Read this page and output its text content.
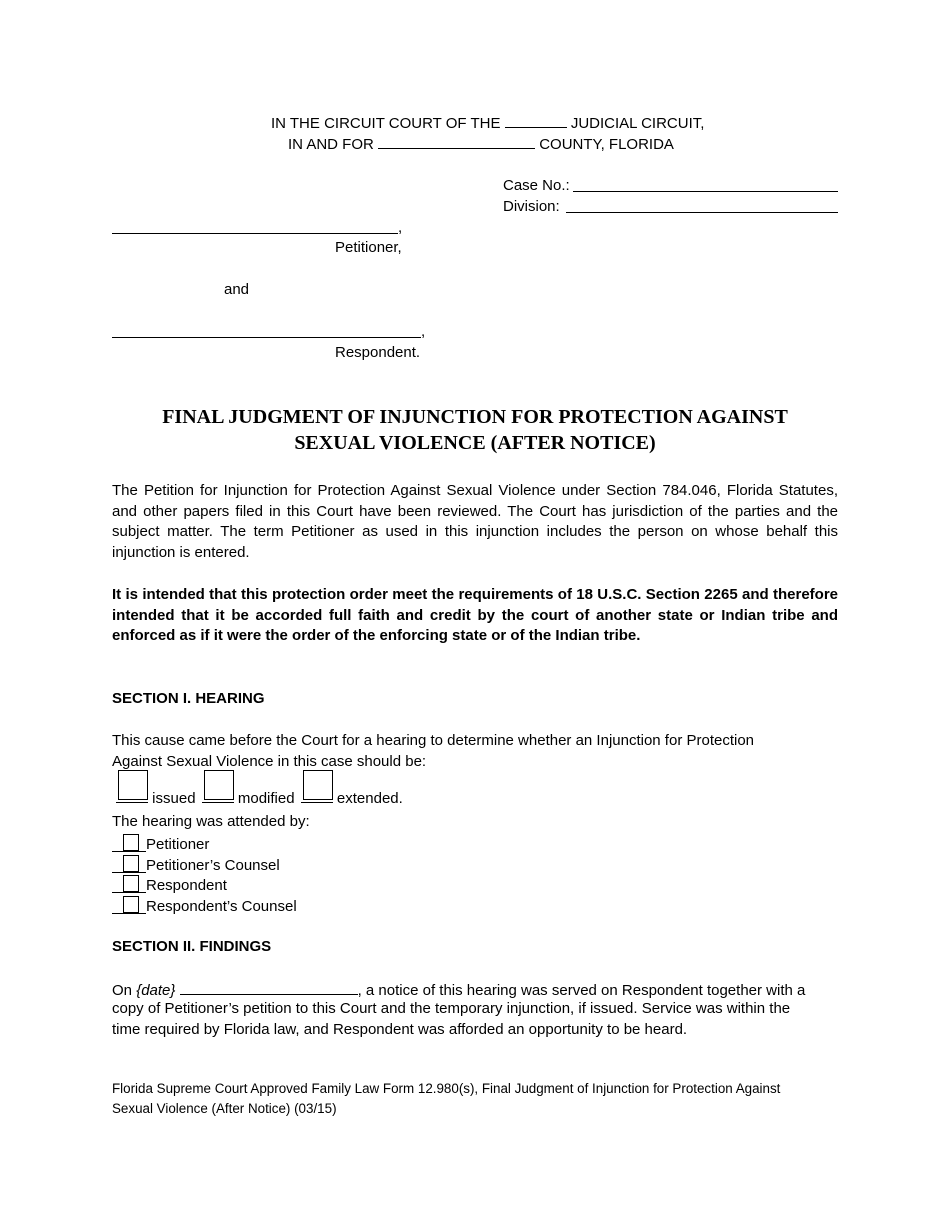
IN THE CIRCUIT COURT OF THE	JUDICIAL CIRCUIT,
IN AND FOR	COUNTY, FLORIDA
Case No.:
Division:
,
Petitioner,
and
,
Respondent.
FINAL JUDGMENT OF INJUNCTION FOR PROTECTION AGAINST
SEXUAL VIOLENCE (AFTER NOTICE)
The Petition for Injunction for Protection Against Sexual Violence under Section 784.046, Florida Statutes, and other papers filed in this Court have been reviewed. The Court has jurisdiction of the parties and the subject matter. The term Petitioner as used in this injunction includes the person on whose behalf this injunction is entered.
It is intended that this protection order meet the requirements of 18 U.S.C. Section 2265 and therefore intended that it be accorded full faith and credit by the court of another state or Indian tribe and enforced as if it were the order of the enforcing state or of the Indian tribe.
SECTION I. HEARING
This cause came before the Court for a hearing to determine whether an Injunction for Protection
Against Sexual Violence in this case should be:
issued	modified	extended.
The hearing was attended by:
Petitioner
Petitioner’s Counsel
Respondent
Respondent’s Counsel
SECTION II. FINDINGS
On {date}	, a notice of this hearing was served on Respondent together with a
copy of Petitioner’s petition to this Court and the temporary injunction, if issued. Service was within the
time required by Florida law, and Respondent was afforded an opportunity to be heard.
Florida Supreme Court Approved Family Law Form 12.980(s), Final Judgment of Injunction for Protection Against
Sexual Violence (After Notice) (03/15)
